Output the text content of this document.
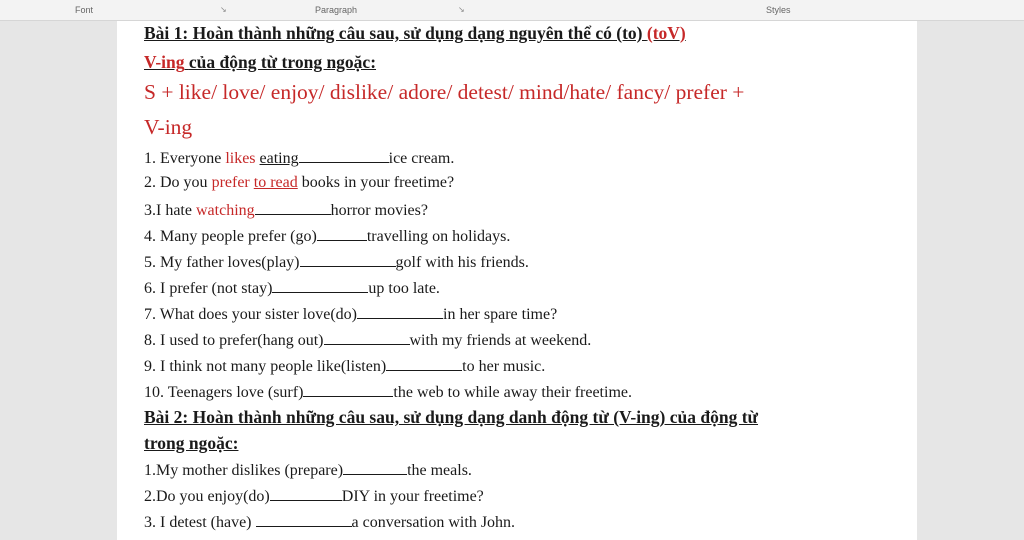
Font	↘	Paragraph	↘	Styles
Bài 1: Hoàn thành những câu sau, sử dụng dạng nguyên thể có (to) (toV)
V-ing của động từ trong ngoặc:
S + like/ love/ enjoy/ dislike/ adore/ detest/ mind/hate/ fancy/ prefer +
V-ing
1. Everyone likes eating	ice cream.
2. Do you prefer to read books in your freetime?
3.I hate watching	horror movies?
4. Many people prefer (go)	travelling on holidays.
5. My father loves(play)	golf with his friends.
6. I prefer (not stay)	up too late.
7. What does your sister love(do)	in her spare time?
8. I used to prefer(hang out)	with my friends at weekend.
9. I think not many people like(listen)	to her music.
10. Teenagers love (surf)	the web to while away their freetime.
Bài 2: Hoàn thành những câu sau, sử dụng dạng danh động từ (V-ing) của động từ
trong ngoặc:
1.My mother dislikes (prepare)	the meals.
2.Do you enjoy(do)	DIY in your freetime?
3. I detest (have)	a conversation with John.
